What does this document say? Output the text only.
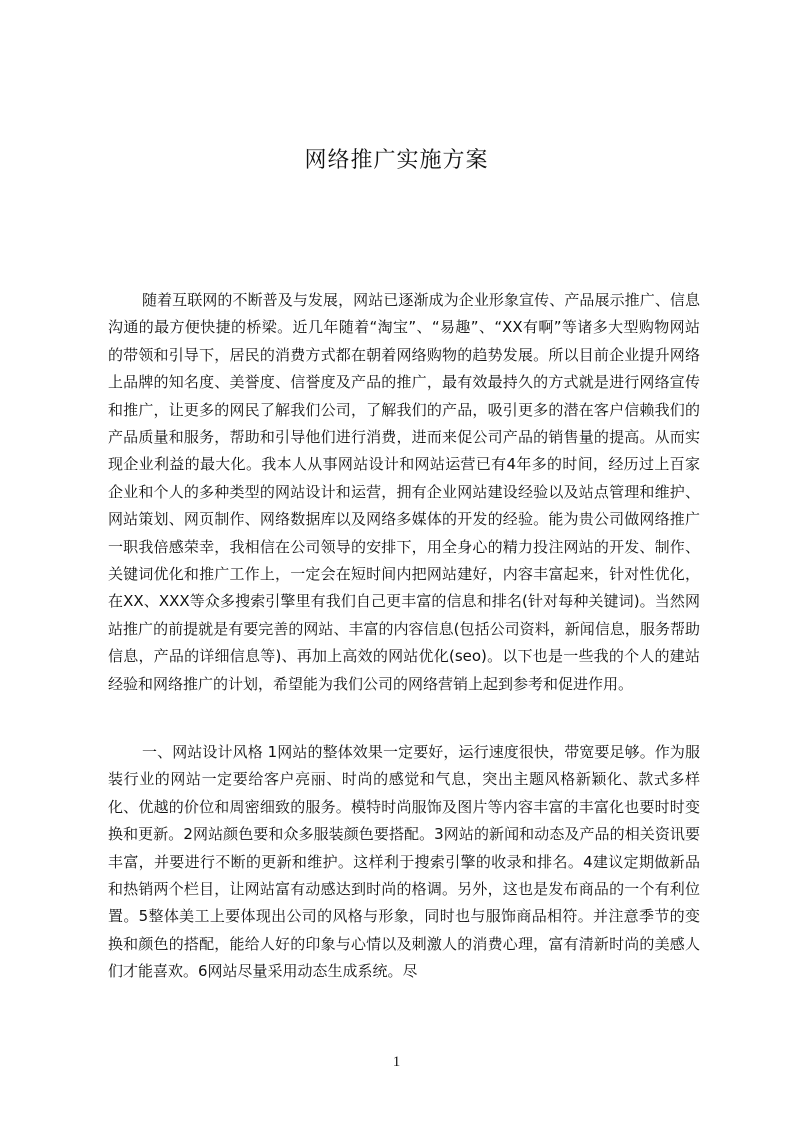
网络推广实施方案

随着互联网的不断普及与发展，网站已逐渐成为企业形象宣传、产品展示推广、信息沟通的最方便快捷的桥梁。近几年随着“淘宝”、“易趣”、“XX有啊”等诸多大型购物网站的带领和引导下，居民的消费方式都在朝着网络购物的趋势发展。所以目前企业提升网络上品牌的知名度、美誉度、信誉度及产品的推广，最有效最持久的方式就是进行网络宣传和推广，让更多的网民了解我们公司，了解我们的产品，吸引更多的潜在客户信赖我们的产品质量和服务，帮助和引导他们进行消费，进而来促公司产品的销售量的提高。从而实现企业利益的最大化。我本人从事网站设计和网站运营已有4年多的时间，经历过上百家企业和个人的多种类型的网站设计和运营，拥有企业网站建设经验以及站点管理和维护、网站策划、网页制作、网络数据库以及网络多媒体的开发的经验。能为贵公司做网络推广一职我倍感荣幸，我相信在公司领导的安排下，用全身心的精力投注网站的开发、制作、关键词优化和推广工作上，一定会在短时间内把网站建好，内容丰富起来，针对性优化，在XX、XXX等众多搜索引擎里有我们自己更丰富的信息和排名(针对每种关键词)。当然网站推广的前提就是有要完善的网站、丰富的内容信息(包括公司资料，新闻信息，服务帮助信息，产品的详细信息等)、再加上高效的网站优化(seo)。以下也是一些我的个人的建站经验和网络推广的计划，希望能为我们公司的网络营销上起到参考和促进作用。

一、网站设计风格 1网站的整体效果一定要好，运行速度很快，带宽要足够。作为服装行业的网站一定要给客户亮丽、时尚的感觉和气息，突出主题风格新颖化、款式多样化、优越的价位和周密细致的服务。模特时尚服饰及图片等内容丰富的丰富化也要时时变换和更新。2网站颜色要和众多服装颜色要搭配。3网站的新闻和动态及产品的相关资讯要丰富，并要进行不断的更新和维护。这样利于搜索引擎的收录和排名。4建议定期做新品和热销两个栏目，让网站富有动感达到时尚的格调。另外，这也是发布商品的一个有利位置。5整体美工上要体现出公司的风格与形象，同时也与服饰商品相符。并注意季节的变换和颜色的搭配，能给人好的印象与心情以及刺激人的消费心理，富有清新时尚的美感人们才能喜欢。6网站尽量采用动态生成系统。尽

1
